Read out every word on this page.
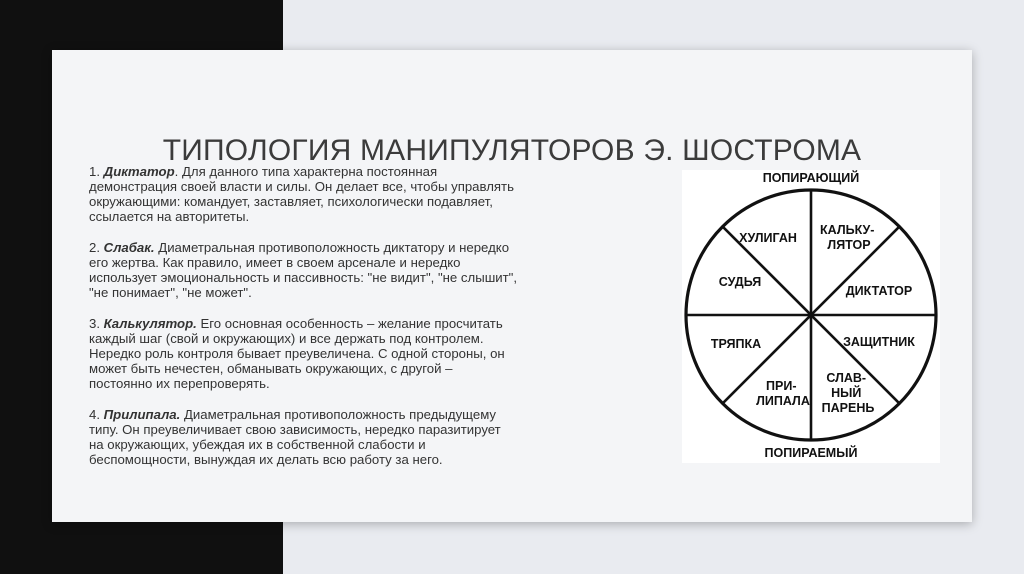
ТИПОЛОГИЯ МАНИПУЛЯТОРОВ Э. ШОСТРОМА

1. Диктатор. Для данного типа характерна постоянная
демонстрация своей власти и силы. Он делает все, чтобы управлять
окружающими: командует, заставляет, психологически подавляет,
ссылается на авторитеты.

2. Слабак. Диаметральная противоположность диктатору и нередко
его жертва. Как правило, имеет в своем арсенале и нередко
использует эмоциональность и пассивность: "не видит", "не слышит",
"не понимает", "не может".

3. Калькулятор. Его основная особенность – желание просчитать
каждый шаг (свой и окружающих) и все держать под контролем.
Нередко роль контроля бывает преувеличена. С одной стороны, он
может быть нечестен, обманывать окружающих, с другой –
постоянно их перепроверять.

4. Прилипала. Диаметральная противоположность предыдущему
типу. Он преувеличивает свою зависимость, нередко паразитирует
на окружающих, убеждая их в собственной слабости и
беспомощности, вынуждая их делать всю работу за него.

ПОПИРАЮЩИЙ
ХУЛИГАН
КАЛЬКУ- ЛЯТОР
ДИКТАТОР
ЗАЩИТНИК
СЛАВ- НЫЙ ПАРЕНЬ
ПРИ- ЛИПАЛА
ТРЯПКА
СУДЬЯ
ПОПИРАЕМЫЙ
